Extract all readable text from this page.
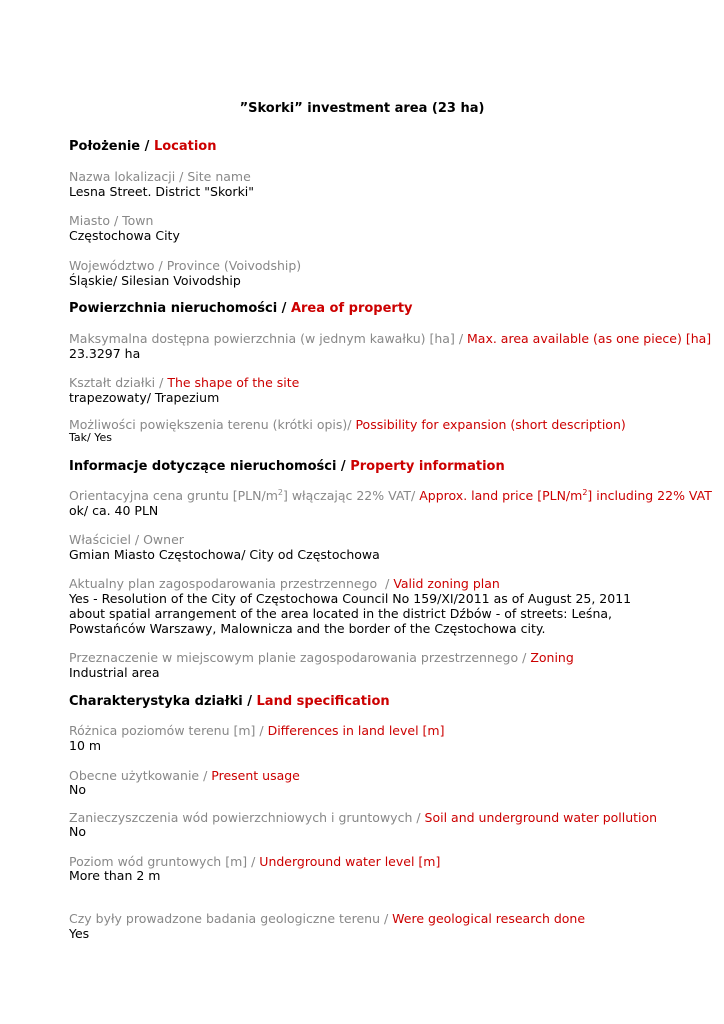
”Skorki” investment area (23 ha)
Położenie / Location
Nazwa lokalizacji / Site name
Lesna Street. District "Skorki"
Miasto / Town
Częstochowa City
Województwo / Province (Voivodship)
Śląskie/ Silesian Voivodship
Powierzchnia nieruchomości / Area of property
Maksymalna dostępna powierzchnia (w jednym kawałku) [ha] / Max. area available (as one piece) [ha]
23.3297 ha
Kształt działki / The shape of the site
trapezowaty/ Trapezium
Możliwości powiększenia terenu (krótki opis)/ Possibility for expansion (short description)
Tak/ Yes
Informacje dotyczące nieruchomości / Property information
Orientacyjna cena gruntu $[PLN/m^2]$ włączając 22% VAT/ Approx. land price $[PLN/m^2]$ including 22% VAT
ok/ ca. 40 PLN
Właściciel / Owner
Gmian Miasto Częstochowa/ City od Częstochowa
Aktualny plan zagospodarowania przestrzennego  / Valid zoning plan
Yes - Resolution of the City of Częstochowa Council No 159/XI/2011 as of August 25, 2011 about spatial arrangement of the area located in the district Dźbów - of streets: Leśna, Powstańców Warszawy, Malownicza and the border of the Częstochowa city.
Przeznaczenie w miejscowym planie zagospodarowania przestrzennego / Zoning
Industrial area
Charakterystyka działki / Land specification
Różnica poziomów terenu [m] / Differences in land level [m]
10 m
Obecne użytkowanie / Present usage
No
Zanieczyszczenia wód powierzchniowych i gruntowych / Soil and underground water pollution
No
Poziom wód gruntowych [m] / Underground water level [m]
More than 2 m
Czy były prowadzone badania geologiczne terenu / Were geological research done
Yes
